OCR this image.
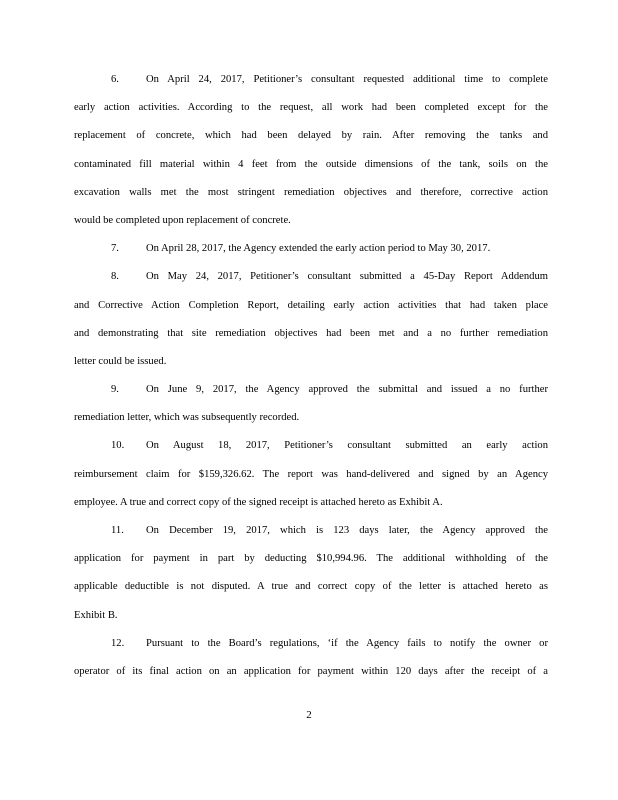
6.	On April 24, 2017, Petitioner’s consultant requested additional time to complete
early action activities. According to the request, all work had been completed except for the
replacement of concrete, which had been delayed by rain. After removing the tanks and
contaminated fill material within 4 feet from the outside dimensions of the tank, soils on the
excavation walls met the most stringent remediation objectives and therefore, corrective action
would be completed upon replacement of concrete.
7.	On April 28, 2017, the Agency extended the early action period to May 30, 2017.
8.	On May 24, 2017, Petitioner’s consultant submitted a 45-Day Report Addendum
and Corrective Action Completion Report, detailing early action activities that had taken place
and demonstrating that site remediation objectives had been met and a no further remediation
letter could be issued.
9.	On June 9, 2017, the Agency approved the submittal and issued a no further
remediation letter, which was subsequently recorded.
10. On August 18, 2017, Petitioner’s consultant submitted an early action
reimbursement claim for $159,326.62. The report was hand-delivered and signed by an Agency
employee. A true and correct copy of the signed receipt is attached hereto as Exhibit A.
11. On December 19, 2017, which is 123 days later, the Agency approved the
application for payment in part by deducting $10,994.96. The additional withholding of the
applicable deductible is not disputed. A true and correct copy of the letter is attached hereto as
Exhibit B.
12. Pursuant to the Board’s regulations, ‘if the Agency fails to notify the owner or
operator of its final action on an application for payment within 120 days after the receipt of a
2
